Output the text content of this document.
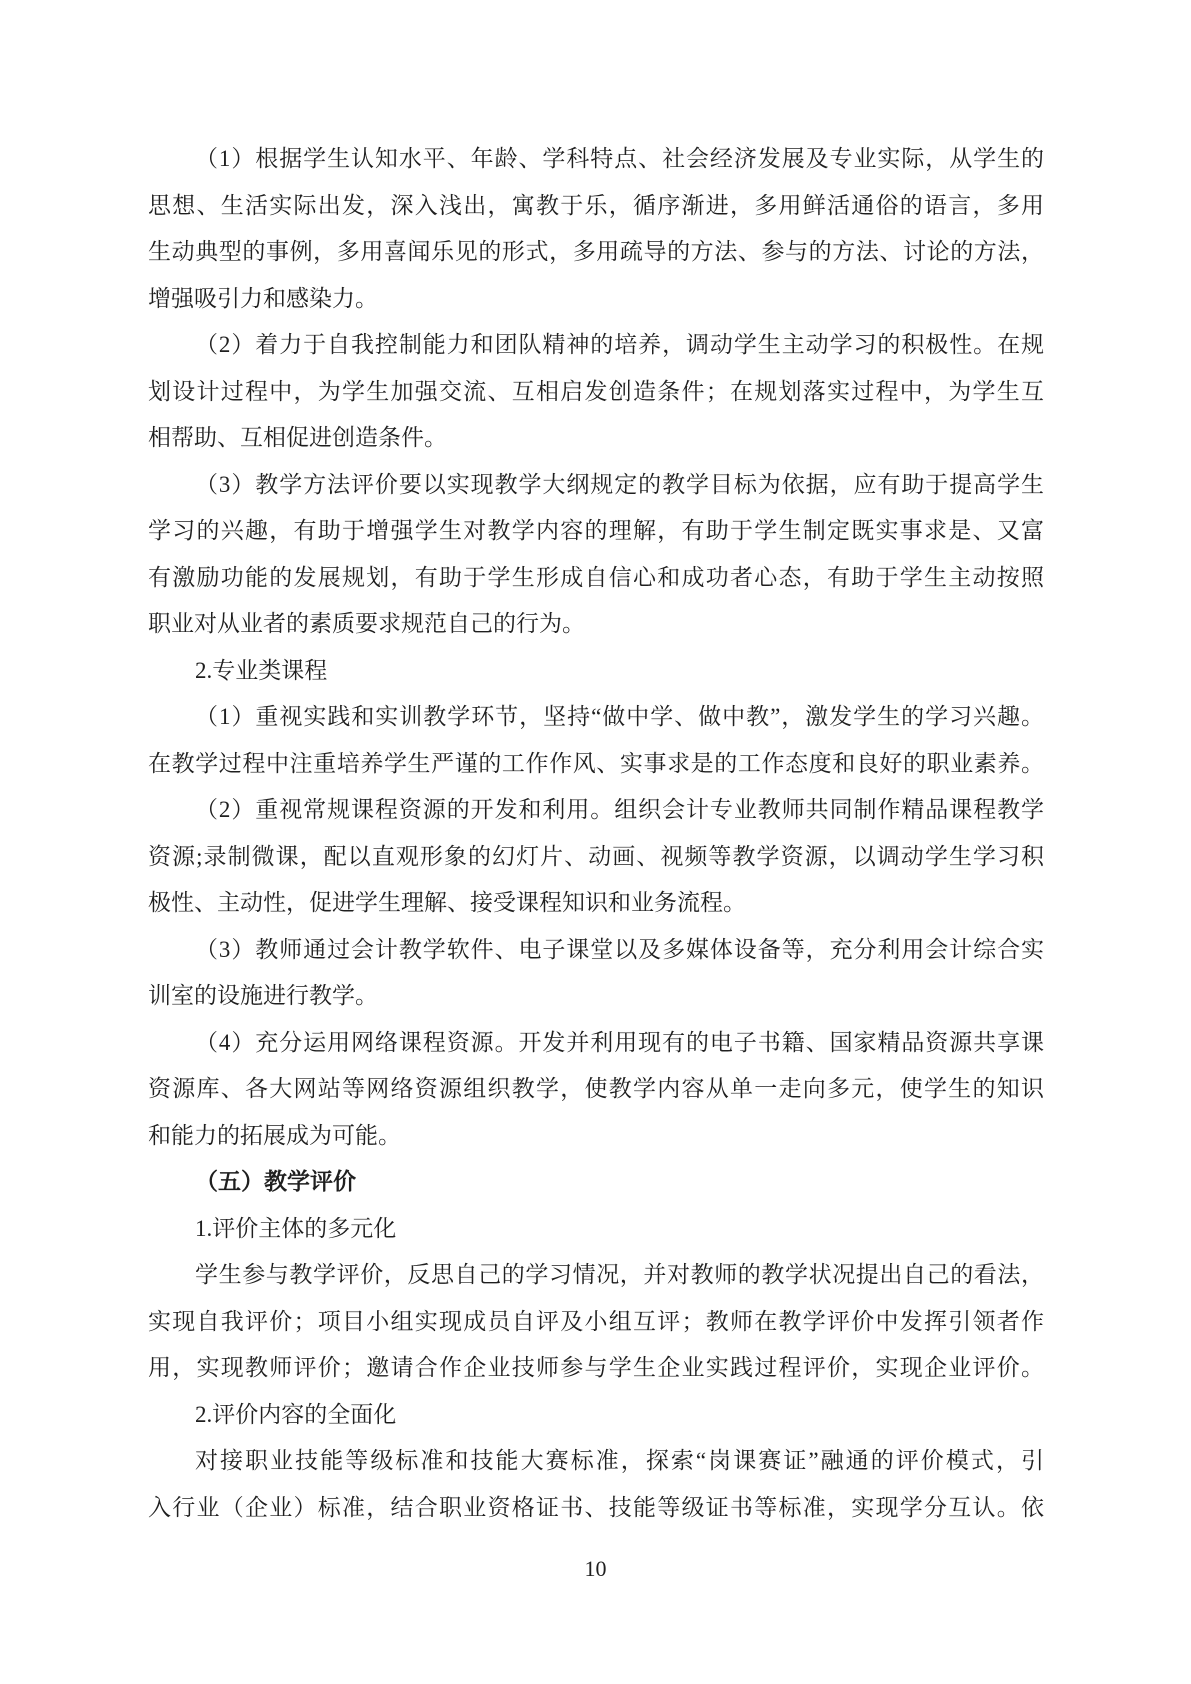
（1）根据学生认知水平、年龄、学科特点、社会经济发展及专业实际，从学生的
思想、生活实际出发，深入浅出，寓教于乐，循序渐进，多用鲜活通俗的语言，多用
生动典型的事例，多用喜闻乐见的形式，多用疏导的方法、参与的方法、讨论的方法，
增强吸引力和感染力。
（2）着力于自我控制能力和团队精神的培养，调动学生主动学习的积极性。在规
划设计过程中，为学生加强交流、互相启发创造条件；在规划落实过程中，为学生互
相帮助、互相促进创造条件。
（3）教学方法评价要以实现教学大纲规定的教学目标为依据，应有助于提高学生
学习的兴趣，有助于增强学生对教学内容的理解，有助于学生制定既实事求是、又富
有激励功能的发展规划，有助于学生形成自信心和成功者心态，有助于学生主动按照
职业对从业者的素质要求规范自己的行为。
2.专业类课程
（1）重视实践和实训教学环节，坚持“做中学、做中教”，激发学生的学习兴趣。
在教学过程中注重培养学生严谨的工作作风、实事求是的工作态度和良好的职业素养。
（2）重视常规课程资源的开发和利用。组织会计专业教师共同制作精品课程教学
资源;录制微课，配以直观形象的幻灯片、动画、视频等教学资源，以调动学生学习积
极性、主动性，促进学生理解、接受课程知识和业务流程。
（3）教师通过会计教学软件、电子课堂以及多媒体设备等，充分利用会计综合实
训室的设施进行教学。
（4）充分运用网络课程资源。开发并利用现有的电子书籍、国家精品资源共享课
资源库、各大网站等网络资源组织教学，使教学内容从单一走向多元，使学生的知识
和能力的拓展成为可能。
（五）教学评价
1.评价主体的多元化
学生参与教学评价，反思自己的学习情况，并对教师的教学状况提出自己的看法，
实现自我评价；项目小组实现成员自评及小组互评；教师在教学评价中发挥引领者作
用，实现教师评价；邀请合作企业技师参与学生企业实践过程评价，实现企业评价。
2.评价内容的全面化
对接职业技能等级标准和技能大赛标准，探索“岗课赛证”融通的评价模式，引
入行业（企业）标准，结合职业资格证书、技能等级证书等标准，实现学分互认。依
10
